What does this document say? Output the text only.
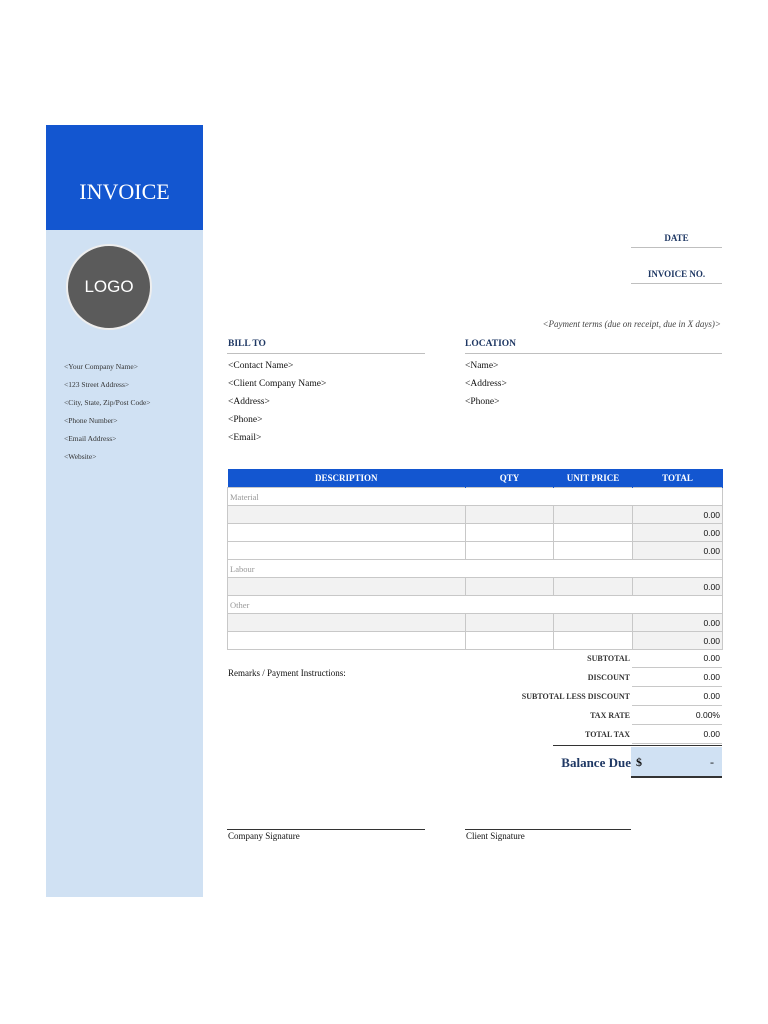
INVOICE
LOGO
<Your Company Name>
<123 Street Address>
<City, State, Zip/Post Code>
<Phone Number>
<Email Address>
<Website>
DATE
INVOICE NO.
<Payment terms (due on receipt, due in X days)>
BILL TO
<Contact Name>
<Client Company Name>
<Address>
<Phone>
<Email>
LOCATION
<Name>
<Address>
<Phone>
DESCRIPTION	QTY	UNIT PRICE	TOTAL
Material			
			0.00
			0.00
			0.00
Labour			
			0.00
Other			
			0.00
			0.00
Remarks / Payment Instructions:
SUBTOTAL	0.00
DISCOUNT	0.00
SUBTOTAL LESS DISCOUNT	0.00
TAX RATE	0.00%
TOTAL TAX	0.00
Balance Due $	-
Company Signature	Client Signature
